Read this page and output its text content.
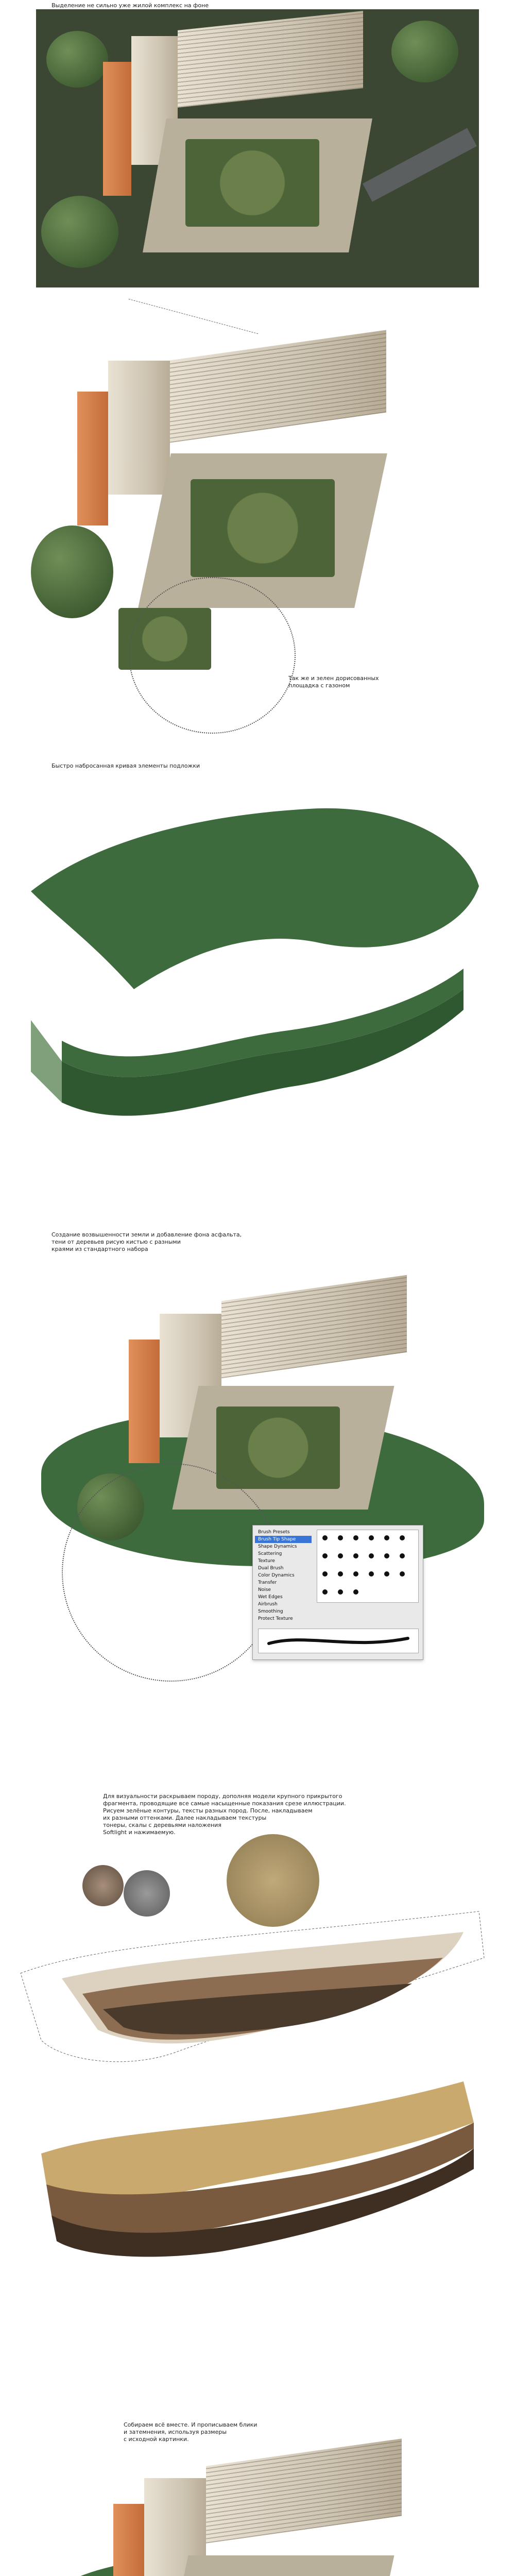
Выделение не сильно уже жилой комплекс на фоне
Так же и зелен дорисованных
площадка с газоном
Быстро набросанная кривая элементы подложки
Создание возвышенности земли и добавление фона асфальта,
тени от деревьев рисую кистью с разными
краями из стандартного набора
Brush Presets
Brush Tip Shape
Shape Dynamics
Scattering
Texture
Dual Brush
Color Dynamics
Transfer
Noise
Wet Edges
Airbrush
Smoothing
Protect Texture
Для визуальности раскрываем породу, дополняя модели крупного прикрытого
фрагмента, проводящие все самые насыщенные показания срезе иллюстрации.
Рисуем зелёные контуры, тексты разных пород. После, накладываем
их разными оттенками. Далее накладываем текстуры
тонеры, скалы с деревьями наложения
Softlight и нажимаемую.
Собираем всё вместе. И прописываем блики
и затемнения, используя размеры
с исходной картинки.
